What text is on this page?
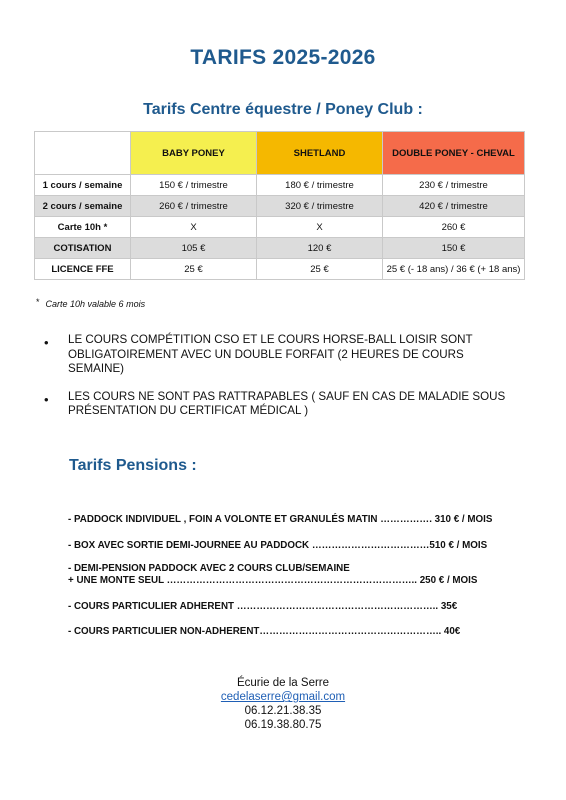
TARIFS 2025-2026
Tarifs Centre équestre / Poney Club :
	BABY PONEY	SHETLAND	DOUBLE PONEY - CHEVAL
1 cours / semaine	150 € / trimestre	180 € / trimestre	230 € / trimestre
2 cours / semaine	260 € / trimestre	320 € / trimestre	420 € / trimestre
Carte 10h *	X	X	260 €
COTISATION	105 €	120 €	150 €
LICENCE FFE	25 €	25 €	25 € (- 18 ans) / 36 € (+ 18 ans)
* Carte 10h valable 6 mois
• LE COURS COMPÉTITION CSO ET LE COURS HORSE-BALL LOISIR SONT OBLIGATOIREMENT AVEC UN DOUBLE FORFAIT (2 HEURES DE COURS SEMAINE)
• LES COURS NE SONT PAS RATTRAPABLES ( SAUF EN CAS DE MALADIE SOUS PRÉSENTATION DU CERTIFICAT MÉDICAL )
Tarifs Pensions :
- PADDOCK INDIVIDUEL , FOIN A VOLONTE ET GRANULÉS MATIN ……………. 310 € / MOIS
- BOX AVEC SORTIE DEMI-JOURNEE AU PADDOCK ………………………………510 € / MOIS
- DEMI-PENSION PADDOCK AVEC 2 COURS CLUB/SEMAINE
+ UNE MONTE SEUL ………………………………………………………………….. 250 € / MOIS
- COURS PARTICULIER ADHERENT …………………………………………………….. 35€
- COURS PARTICULIER NON-ADHERENT……………………………………………….. 40€
Écurie de la Serre
cedelaserre@gmail.com
06.12.21.38.35
06.19.38.80.75
